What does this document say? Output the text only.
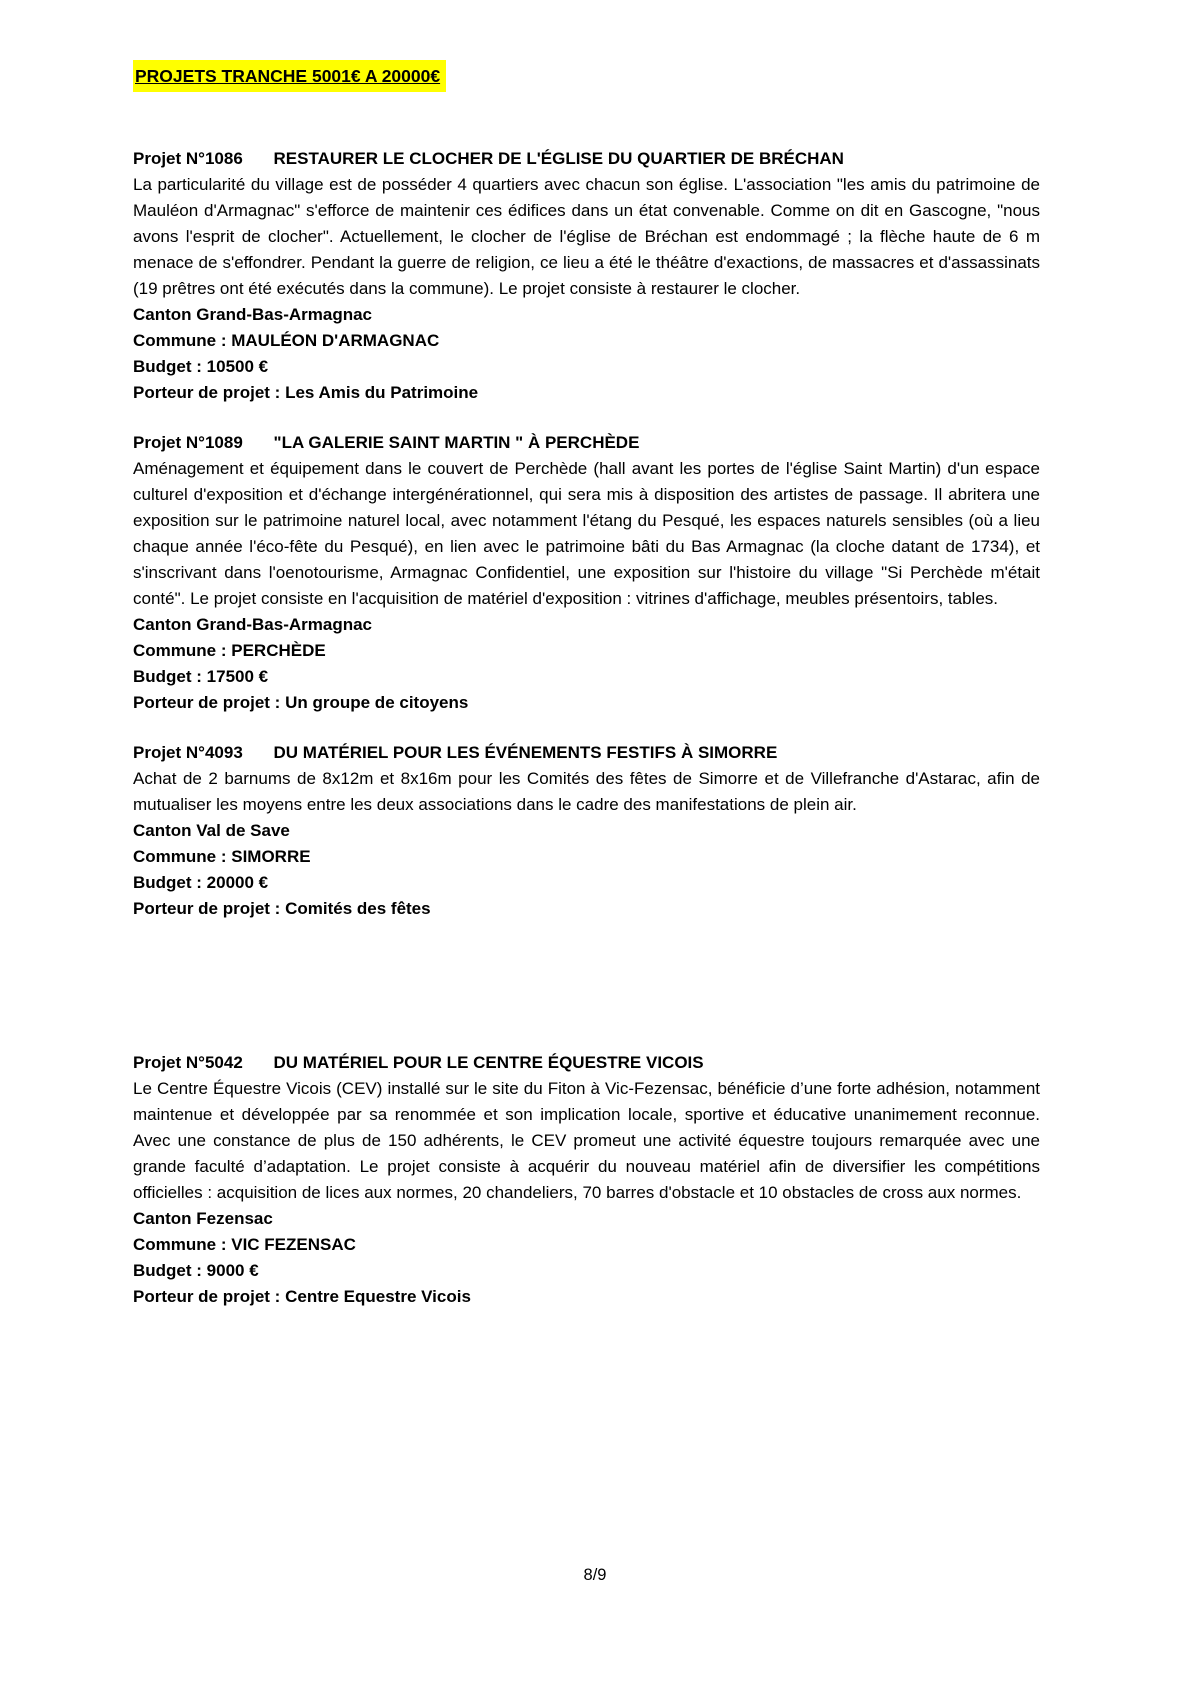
PROJETS TRANCHE 5001€ A 20000€

Projet N°1086 RESTAURER LE CLOCHER DE L'ÉGLISE DU QUARTIER DE BRÉCHAN

La particularité du village est de posséder 4 quartiers avec chacun son église. L'association "les amis du patrimoine de Mauléon d'Armagnac" s'efforce de maintenir ces édifices dans un état convenable. Comme on dit en Gascogne, "nous avons l'esprit de clocher". Actuellement, le clocher de l'église de Bréchan est endommagé ; la flèche haute de 6 m menace de s'effondrer. Pendant la guerre de religion, ce lieu a été le théâtre d'exactions, de massacres et d'assassinats (19 prêtres ont été exécutés dans la commune). Le projet consiste à restaurer le clocher.

Canton Grand-Bas-Armagnac

Commune : MAULÉON D'ARMAGNAC

Budget : 10500 €

Porteur de projet : Les Amis du Patrimoine

Projet N°1089 "LA GALERIE SAINT MARTIN " À PERCHÈDE

Aménagement et équipement dans le couvert de Perchède (hall avant les portes de l'église Saint Martin) d'un espace culturel d'exposition et d'échange intergénérationnel, qui sera mis à disposition des artistes de passage. Il abritera une exposition sur le patrimoine naturel local, avec notamment l'étang du Pesqué, les espaces naturels sensibles (où a lieu chaque année l'éco-fête du Pesqué), en lien avec le patrimoine bâti du Bas Armagnac (la cloche datant de 1734), et s'inscrivant dans l'oenotourisme, Armagnac Confidentiel, une exposition sur l'histoire du village "Si Perchède m'était conté". Le projet consiste en l'acquisition de matériel d'exposition : vitrines d'affichage, meubles présentoirs, tables.

Canton Grand-Bas-Armagnac

Commune : PERCHÈDE

Budget : 17500 €

Porteur de projet : Un groupe de citoyens

Projet N°4093 DU MATÉRIEL POUR LES ÉVÉNEMENTS FESTIFS À SIMORRE

Achat de 2 barnums de 8x12m et 8x16m pour les Comités des fêtes de Simorre et de Villefranche d'Astarac, afin de mutualiser les moyens entre les deux associations dans le cadre des manifestations de plein air.

Canton Val de Save

Commune : SIMORRE

Budget : 20000 €

Porteur de projet : Comités des fêtes

Projet N°5042 DU MATÉRIEL POUR LE CENTRE ÉQUESTRE VICOIS

Le Centre Équestre Vicois (CEV) installé sur le site du Fiton à Vic-Fezensac, bénéficie d’une forte adhésion, notamment maintenue et développée par sa renommée et son implication locale, sportive et éducative unanimement reconnue. Avec une constance de plus de 150 adhérents, le CEV promeut une activité équestre toujours remarquée avec une grande faculté d’adaptation. Le projet consiste à acquérir du nouveau matériel afin de diversifier les compétitions officielles : acquisition de lices aux normes, 20 chandeliers, 70 barres d'obstacle et 10 obstacles de cross aux normes.

Canton Fezensac

Commune : VIC FEZENSAC

Budget : 9000 €

Porteur de projet : Centre Equestre Vicois

8/9
